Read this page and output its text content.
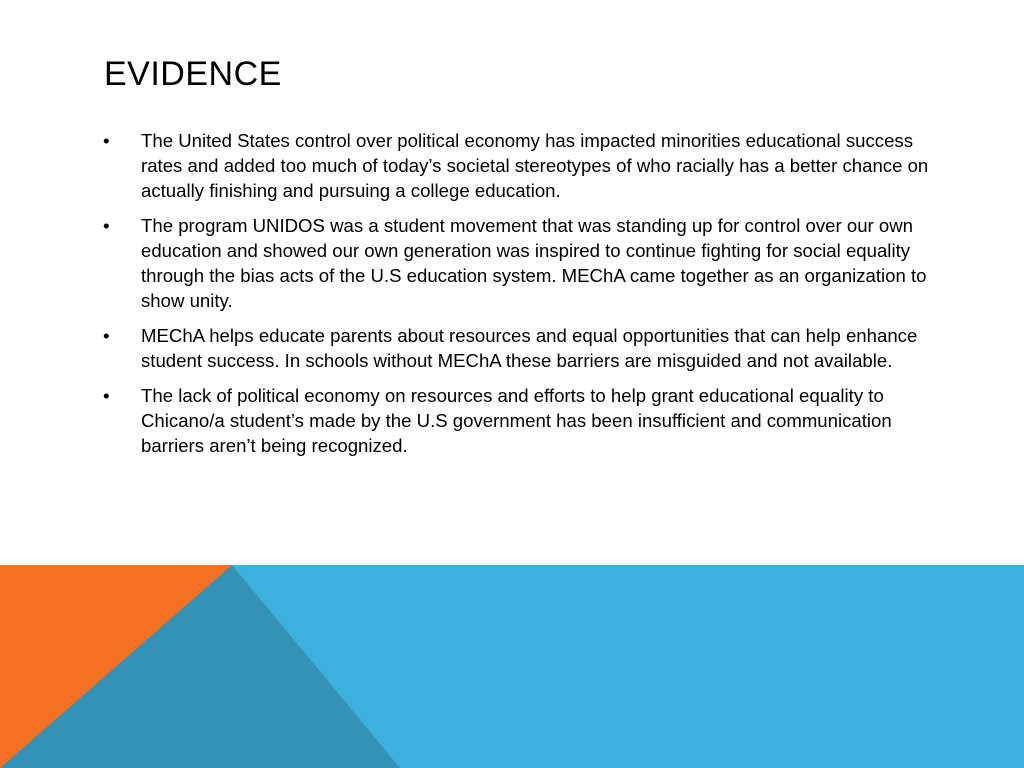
EVIDENCE
•	The United States control over political economy has impacted minorities educational success rates and added too much of today’s societal stereotypes of who racially has a better chance on actually finishing and pursuing a college education.
•	The program UNIDOS was a student movement that was standing up for control over our own education and showed our own generation was inspired to continue fighting for social equality through the bias acts of the U.S education system. MEChA came together as an organization to show unity.
•	MEChA helps educate parents about resources and equal opportunities that can help enhance student success. In schools without MEChA these barriers are misguided and not available.
•	The lack of political economy on resources and efforts to help grant educational equality to Chicano/a student’s made by the U.S government has been insufficient and communication barriers aren’t being recognized.
